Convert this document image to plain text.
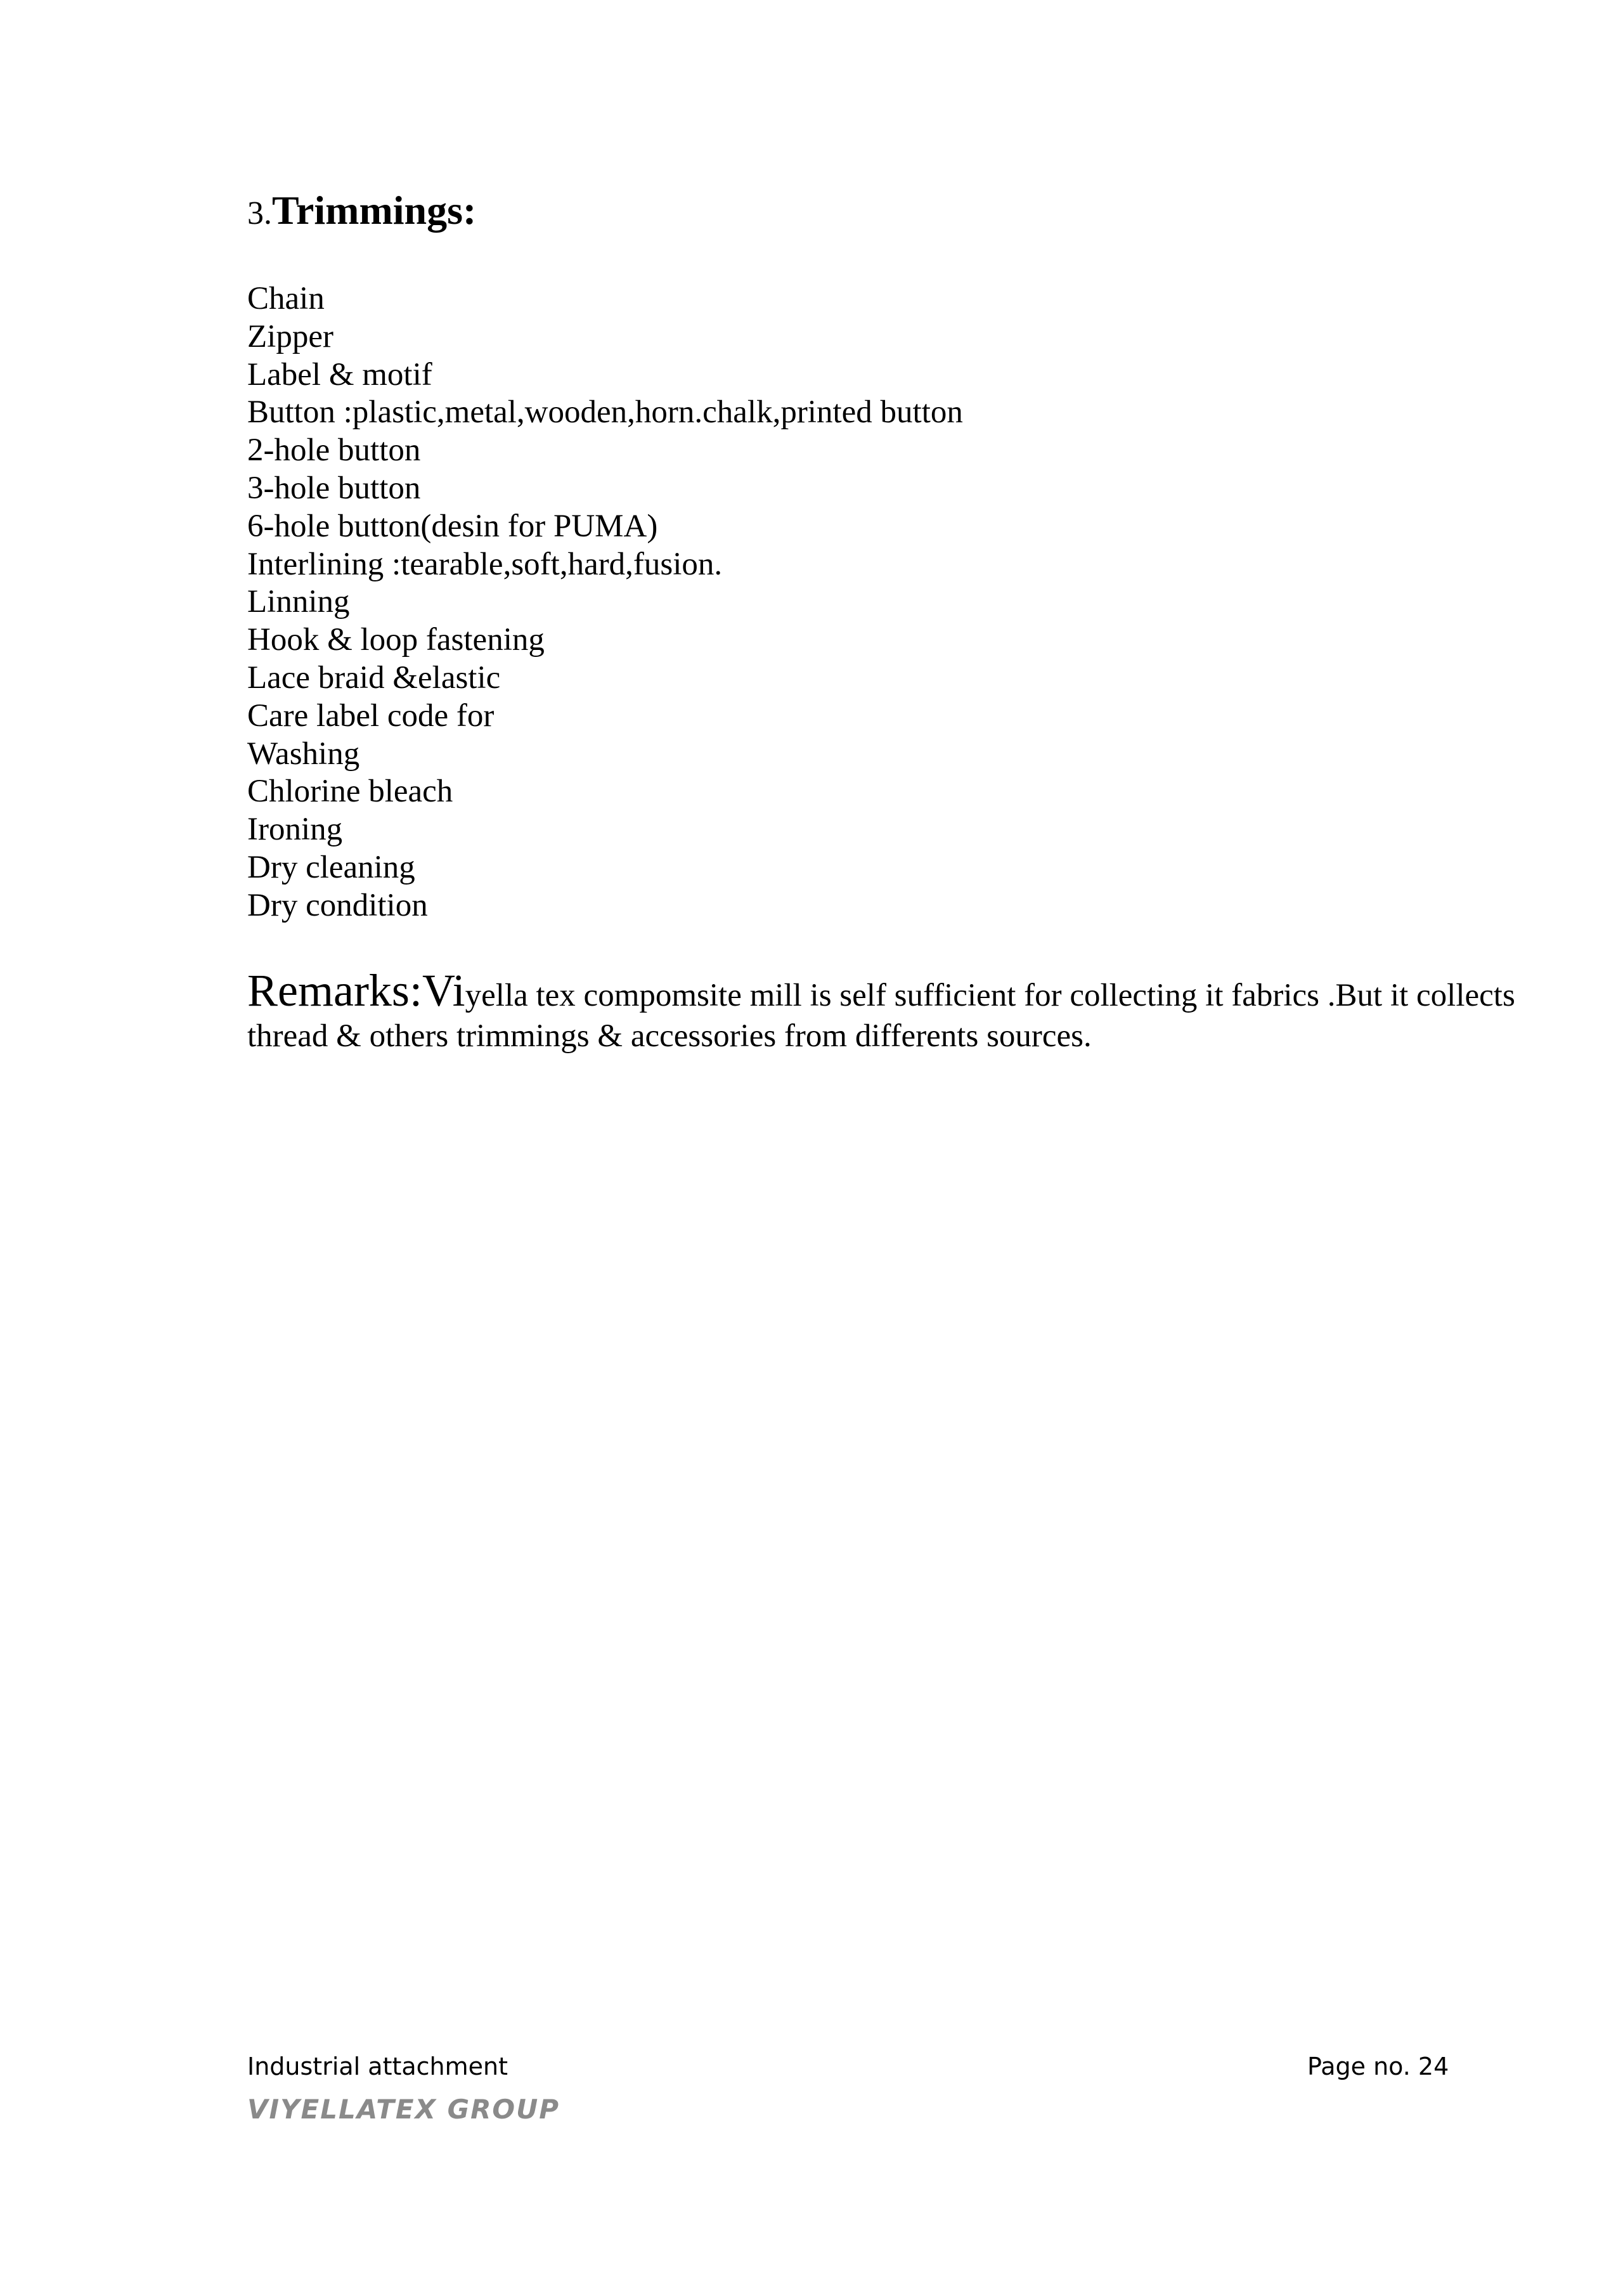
3.Trimmings:
Chain
Zipper
Label & motif
Button :plastic,metal,wooden,horn.chalk,printed button
2-hole button
3-hole button
6-hole button(desin for PUMA)
Interlining :tearable,soft,hard,fusion.
Linning
Hook & loop fastening
Lace braid &elastic
Care label code for
Washing
Chlorine bleach
Ironing
Dry cleaning
Dry condition
Remarks:Viyella tex compomsite mill is self sufficient for collecting it fabrics .But it collects thread & others trimmings & accessories from differents sources.
Industrial attachment	Page no. 24
VIYELLATEX GROUP
